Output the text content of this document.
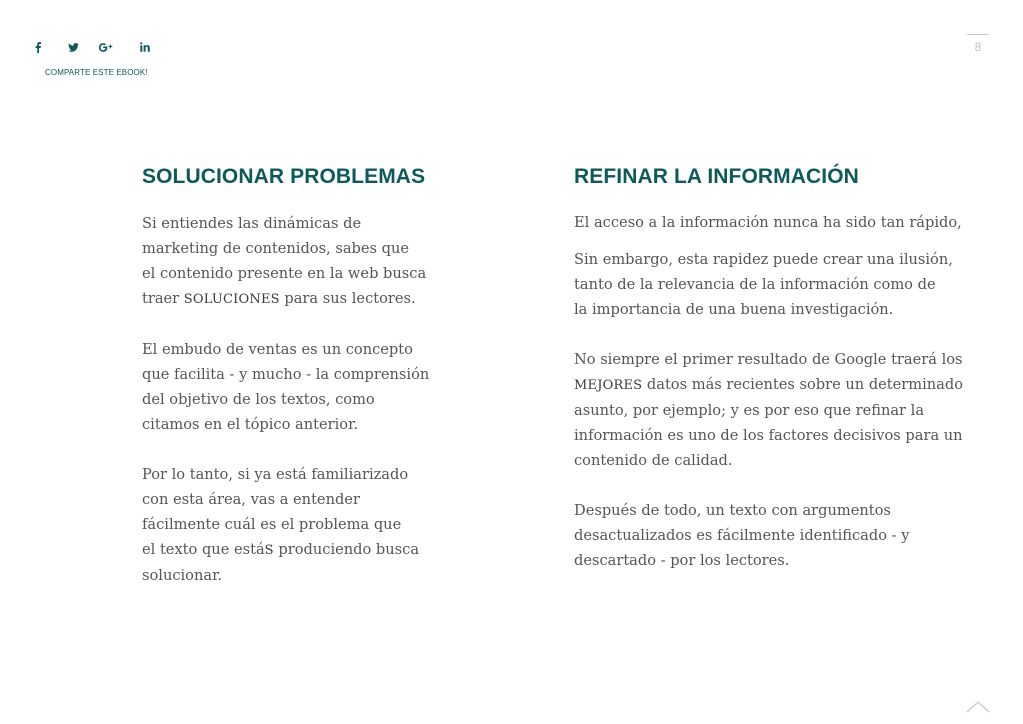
COMPARTE ESTE EBOOK!
8
SOLUCIONAR PROBLEMAS

Si entiendes las dinámicas de
marketing de contenidos, sabes que
el contenido presente en la web busca
traer SOLUCIONES para sus lectores.

El embudo de ventas es un concepto
que facilita - y mucho - la comprensión
del objetivo de los textos, como
citamos en el tópico anterior.

Por lo tanto, si ya está familiarizado
con esta área, vas a entender
fácilmente cuál es el problema que
el texto que estáS produciendo busca
solucionar.

REFINAR LA INFORMACIÓN

El acceso a la información nunca ha sido tan rápido,

Sin embargo, esta rapidez puede crear una ilusión,
tanto de la relevancia de la información como de
la importancia de una buena investigación.

No siempre el primer resultado de Google traerá los
MEJORES datos más recientes sobre un determinado
asunto, por ejemplo; y es por eso que refinar la
información es uno de los factores decisivos para un
contenido de calidad.

Después de todo, un texto con argumentos
desactualizados es fácilmente identificado - y
descartado - por los lectores.
